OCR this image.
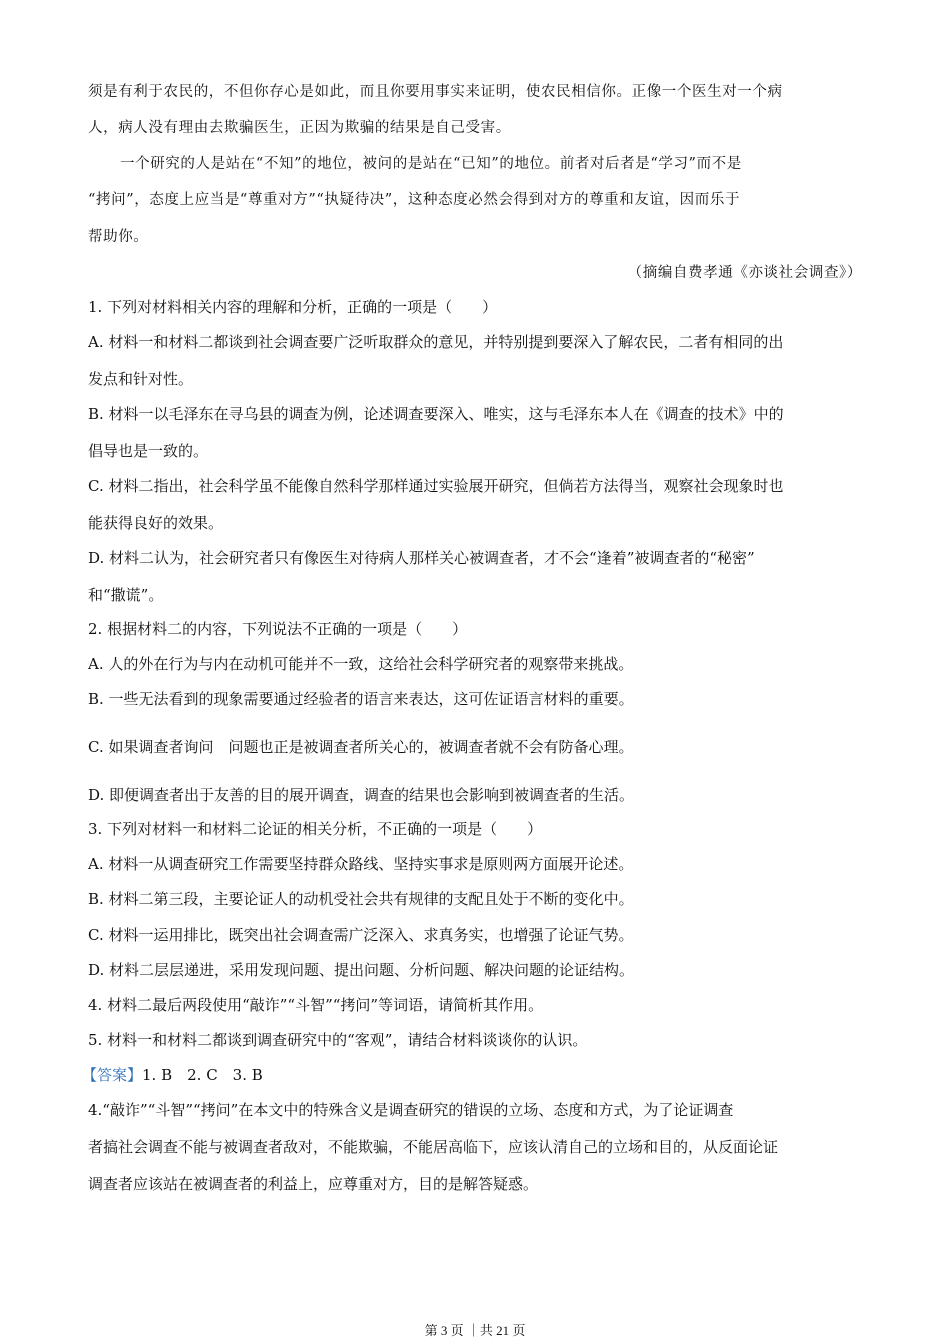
须是有利于农民的，不但你存心是如此，而且你要用事实来证明，使农民相信你。正像一个医生对一个病
人，病人没有理由去欺骗医生，正因为欺骗的结果是自己受害。
一个研究的人是站在“不知”的地位，被问的是站在“已知”的地位。前者对后者是“学习”而不是
“拷问”，态度上应当是“尊重对方”“执疑待决”，这种态度必然会得到对方的尊重和友谊，因而乐于
帮助你。
（摘编自费孝通《亦谈社会调查》）
1. 下列对材料相关内容的理解和分析，正确的一项是（　　）
A. 材料一和材料二都谈到社会调查要广泛听取群众的意见，并特别提到要深入了解农民，二者有相同的出
发点和针对性。
B. 材料一以毛泽东在寻乌县的调查为例，论述调查要深入、唯实，这与毛泽东本人在《调查的技术》中的
倡导也是一致的。
C. 材料二指出，社会科学虽不能像自然科学那样通过实验展开研究，但倘若方法得当，观察社会现象时也
能获得良好的效果。
D. 材料二认为，社会研究者只有像医生对待病人那样关心被调查者，才不会“逢着”被调查者的“秘密”
和“撒谎”。
2. 根据材料二的内容，下列说法不正确的一项是（　　）
A. 人的外在行为与内在动机可能并不一致，这给社会科学研究者的观察带来挑战。
B. 一些无法看到的现象需要通过经验者的语言来表达，这可佐证语言材料的重要。
C. 如果调查者询问　问题也正是被调查者所关心的，被调查者就不会有防备心理。
D. 即便调查者出于友善的目的展开调查，调查的结果也会影响到被调查者的生活。
3. 下列对材料一和材料二论证的相关分析，不正确的一项是（　　）
A. 材料一从调查研究工作需要坚持群众路线、坚持实事求是原则两方面展开论述。
B. 材料二第三段，主要论证人的动机受社会共有规律的支配且处于不断的变化中。
C. 材料一运用排比，既突出社会调查需广泛深入、求真务实，也增强了论证气势。
D. 材料二层层递进，采用发现问题、提出问题、分析问题、解决问题的论证结构。
4. 材料二最后两段使用“敲诈”“斗智”“拷问”等词语，请简析其作用。
5. 材料一和材料二都谈到调查研究中的“客观”，请结合材料谈谈你的认识。
【答案】1. B　2. C　3. B
4.“敲诈”“斗智”“拷问”在本文中的特殊含义是调查研究的错误的立场、态度和方式，为了论证调查
者搞社会调查不能与被调查者敌对，不能欺骗，不能居高临下，应该认清自己的立场和目的，从反面论证
调查者应该站在被调查者的利益上，应尊重对方，目的是解答疑惑。
第 3 页 ｜共 21 页
